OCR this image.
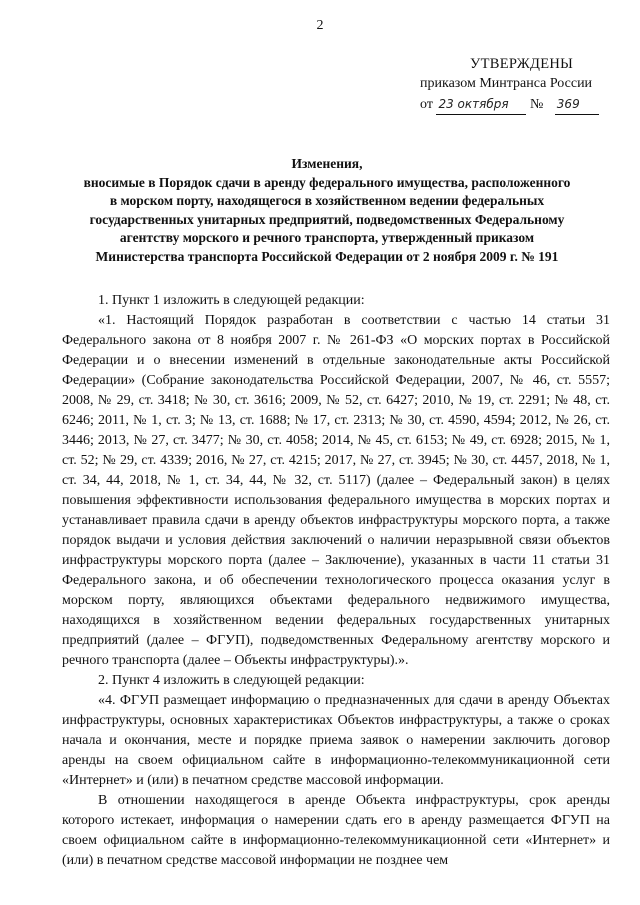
2
УТВЕРЖДЕНЫ
приказом Минтранса России
от 23 октября № 369
Изменения,
вносимые в Порядок сдачи в аренду федерального имущества, расположенного
в морском порту, находящегося в хозяйственном ведении федеральных
государственных унитарных предприятий, подведомственных Федеральному
агентству морского и речного транспорта, утвержденный приказом
Министерства транспорта Российской Федерации от 2 ноября 2009 г. № 191

1. Пункт 1 изложить в следующей редакции:

«1. Настоящий Порядок разработан в соответствии с частью 14 статьи 31 Федерального закона от 8 ноября 2007 г. № 261-ФЗ «О морских портах в Российской Федерации и о внесении изменений в отдельные законодательные акты Российской Федерации» (Собрание законодательства Российской Федерации, 2007, № 46, ст. 5557; 2008, № 29, ст. 3418; № 30, ст. 3616; 2009, № 52, ст. 6427; 2010, № 19, ст. 2291; № 48, ст. 6246; 2011, № 1, ст. 3; № 13, ст. 1688; № 17, ст. 2313; № 30, ст. 4590, 4594; 2012, № 26, ст. 3446; 2013, № 27, ст. 3477; № 30, ст. 4058; 2014, № 45, ст. 6153; № 49, ст. 6928; 2015, № 1, ст. 52; № 29, ст. 4339; 2016, № 27, ст. 4215; 2017, № 27, ст. 3945; № 30, ст. 4457, 2018, № 1, ст. 34, 44, 2018, № 1, ст. 34, 44, № 32, ст. 5117) (далее – Федеральный закон) в целях повышения эффективности использования федерального имущества в морских портах и устанавливает правила сдачи в аренду объектов инфраструктуры морского порта, а также порядок выдачи и условия действия заключений о наличии неразрывной связи объектов инфраструктуры морского порта (далее – Заключение), указанных в части 11 статьи 31 Федерального закона, и об обеспечении технологического процесса оказания услуг в морском порту, являющихся объектами федерального недвижимого имущества, находящихся в хозяйственном ведении федеральных государственных унитарных предприятий (далее – ФГУП), подведомственных Федеральному агентству морского и речного транспорта (далее – Объекты инфраструктуры).».

2. Пункт 4 изложить в следующей редакции:

«4. ФГУП размещает информацию о предназначенных для сдачи в аренду Объектах инфраструктуры, основных характеристиках Объектов инфраструктуры, а также о сроках начала и окончания, месте и порядке приема заявок о намерении заключить договор аренды на своем официальном сайте в информационно-телекоммуникационной сети «Интернет» и (или) в печатном средстве массовой информации.

В отношении находящегося в аренде Объекта инфраструктуры, срок аренды которого истекает, информация о намерении сдать его в аренду размещается ФГУП на своем официальном сайте в информационно-телекоммуникационной сети «Интернет» и (или) в печатном средстве массовой информации не позднее чем
